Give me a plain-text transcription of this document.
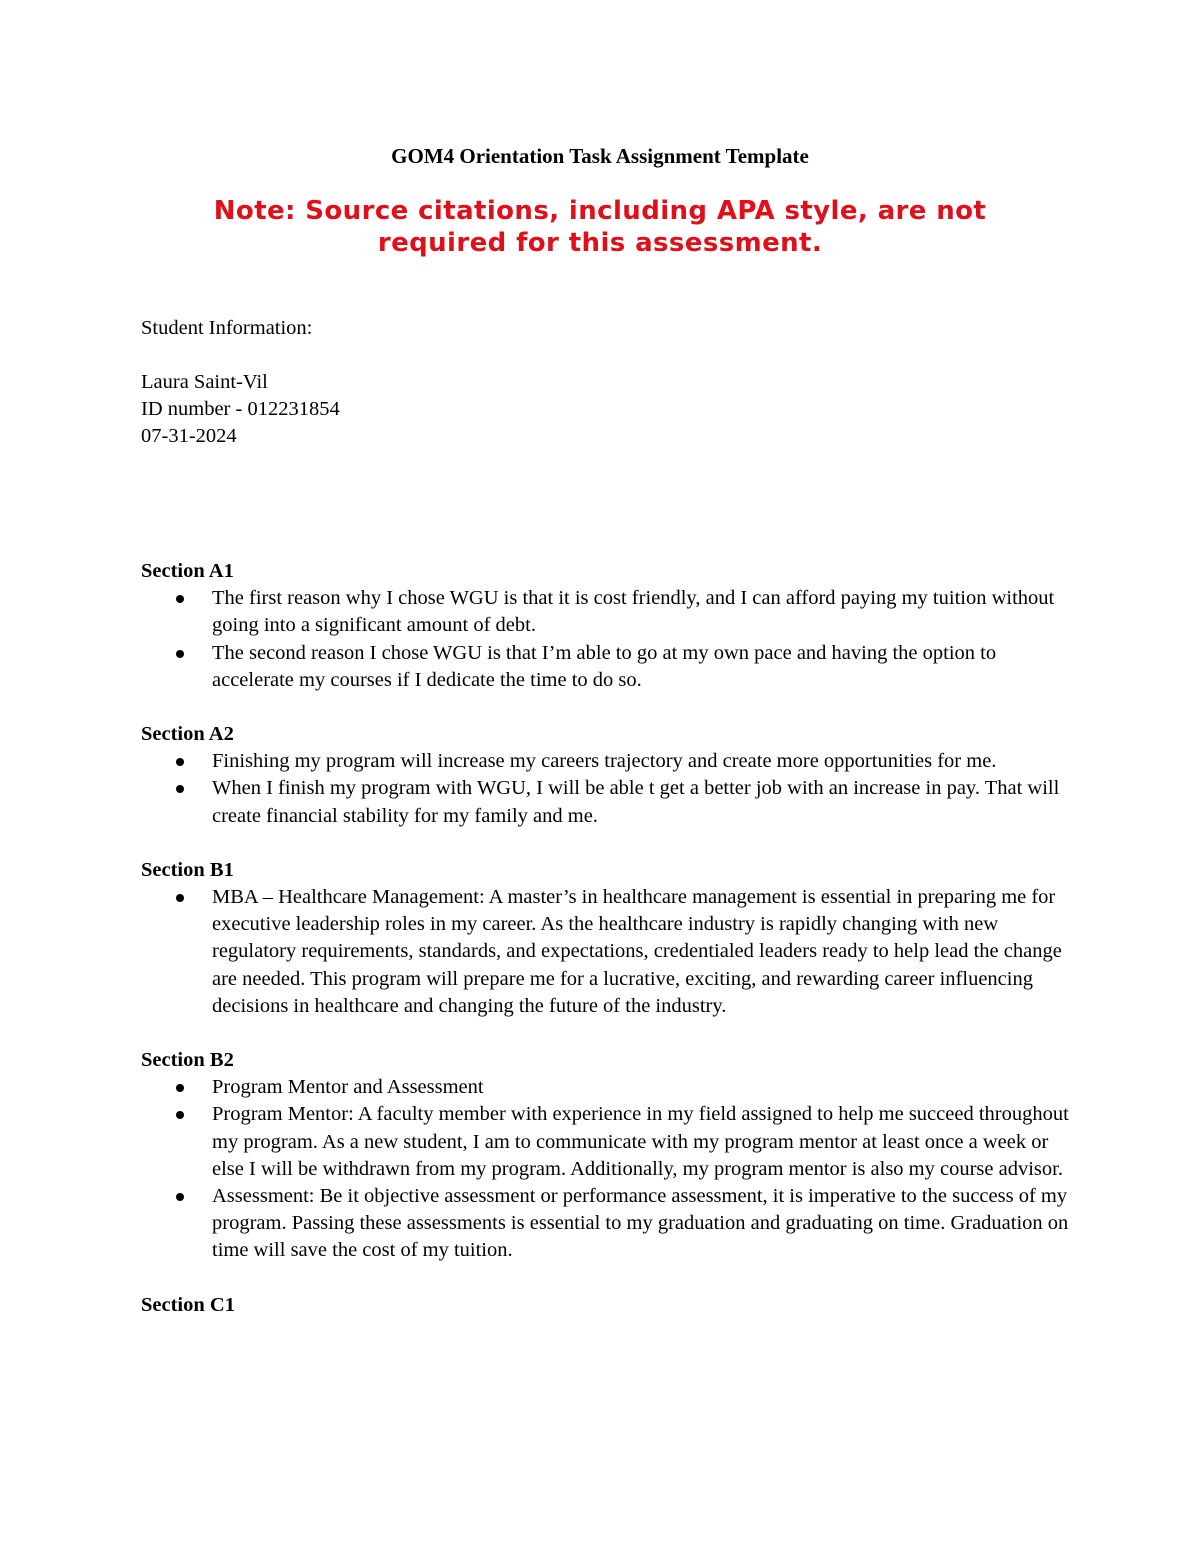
GOM4 Orientation Task Assignment Template
Note: Source citations, including APA style, are not required for this assessment.
Student Information:
Laura Saint-Vil
ID number - 012231854
07-31-2024
Section A1
The first reason why I chose WGU is that it is cost friendly, and I can afford paying my tuition without going into a significant amount of debt.
The second reason I chose WGU is that I’m able to go at my own pace and having the option to accelerate my courses if I dedicate the time to do so.
Section A2
Finishing my program will increase my careers trajectory and create more opportunities for me.
When I finish my program with WGU, I will be able t get a better job with an increase in pay. That will create financial stability for my family and me.
Section B1
MBA – Healthcare Management: A master’s in healthcare management is essential in preparing me for executive leadership roles in my career. As the healthcare industry is rapidly changing with new regulatory requirements, standards, and expectations, credentialed leaders ready to help lead the change are needed. This program will prepare me for a lucrative, exciting, and rewarding career influencing decisions in healthcare and changing the future of the industry.
Section B2
Program Mentor and Assessment
Program Mentor: A faculty member with experience in my field assigned to help me succeed throughout my program. As a new student, I am to communicate with my program mentor at least once a week or else I will be withdrawn from my program. Additionally, my program mentor is also my course advisor.
Assessment: Be it objective assessment or performance assessment, it is imperative to the success of my program. Passing these assessments is essential to my graduation and graduating on time. Graduation on time will save the cost of my tuition.
Section C1
